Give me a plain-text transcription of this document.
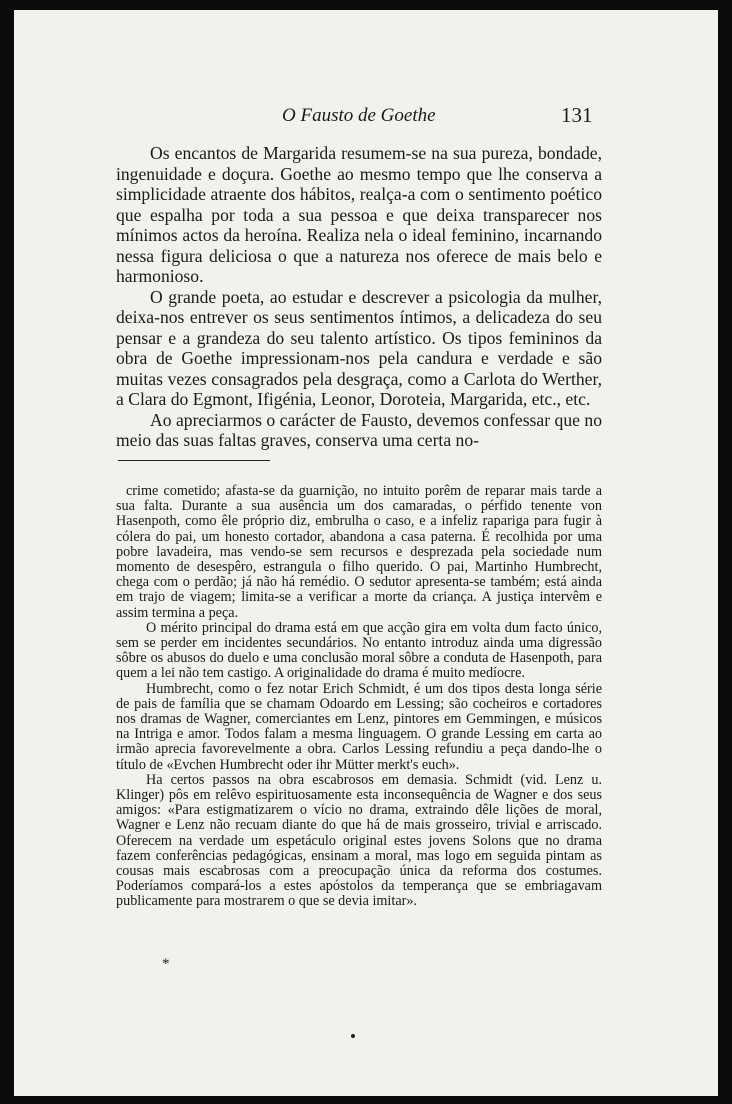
O Fausto de Goethe	131

Os encantos de Margarida resumem-se na sua pureza, bondade, ingenuidade e doçura. Goethe ao mesmo tempo que lhe conserva a simplicidade atraente dos hábitos, realça-a com o sentimento poético que espalha por toda a sua pessoa e que deixa transparecer nos mínimos actos da heroína. Realiza nela o ideal feminino, incarnando nessa figura deliciosa o que a natureza nos oferece de mais belo e harmonioso.

O grande poeta, ao estudar e descrever a psicologia da mulher, deixa-nos entrever os seus sentimentos íntimos, a delicadeza do seu pensar e a grandeza do seu talento artístico. Os tipos femininos da obra de Goethe impressionam-nos pela candura e verdade e são muitas vezes consagrados pela desgraça, como a Carlota do Werther, a Clara do Egmont, Ifigénia, Leonor, Doroteia, Margarida, etc., etc.

Ao apreciarmos o carácter de Fausto, devemos confessar que no meio das suas faltas graves, conserva uma certa no-

crime cometido; afasta-se da guarnição, no intuito porêm de reparar mais tarde a sua falta. Durante a sua ausência um dos camaradas, o pérfido tenente von Hasenpoth, como êle próprio diz, embrulha o caso, e a infeliz rapariga para fugir à cólera do pai, um honesto cortador, abandona a casa paterna. É recolhida por uma pobre lavadeira, mas vendo-se sem recursos e desprezada pela sociedade num momento de desespêro, estrangula o filho querido. O pai, Martinho Humbrecht, chega com o perdão; já não há remédio. O sedutor apresenta-se também; está ainda em trajo de viagem; limita-se a verificar a morte da criança. A justiça intervêm e assim termina a peça.

O mérito principal do drama está em que acção gira em volta dum facto único, sem se perder em incidentes secundários. No entanto introduz ainda uma digressão sôbre os abusos do duelo e uma conclusão moral sôbre a conduta de Hasenpoth, para quem a lei não tem castigo. A originalidade do drama é muito medíocre.

Humbrecht, como o fez notar Erich Schmidt, é um dos tipos desta longa série de pais de família que se chamam Odoardo em Lessing; são cocheiros e cortadores nos dramas de Wagner, comerciantes em Lenz, pintores em Gemmingen, e músicos na Intriga e amor. Todos falam a mesma linguagem. O grande Lessing em carta ao irmão aprecia favorevelmente a obra. Carlos Lessing refundiu a peça dando-lhe o título de «Evchen Humbrecht oder ihr Mütter merkt's euch».

Ha certos passos na obra escabrosos em demasia. Schmidt (vid. Lenz u. Klinger) pôs em relêvo espirituosamente esta inconsequência de Wagner e dos seus amigos: «Para estigmatizarem o vício no drama, extraindo dêle lições de moral, Wagner e Lenz não recuam diante do que há de mais grosseiro, trivial e arriscado. Oferecem na verdade um espetáculo original estes jovens Solons que no drama fazem conferências pedagógicas, ensinam a moral, mas logo em seguida pintam as cousas mais escabrosas com a preocupação única da reforma dos costumes. Poderíamos compará-los a estes apóstolos da temperança que se embriagavam publicamente para mostrarem o que se devia imitar».

*
